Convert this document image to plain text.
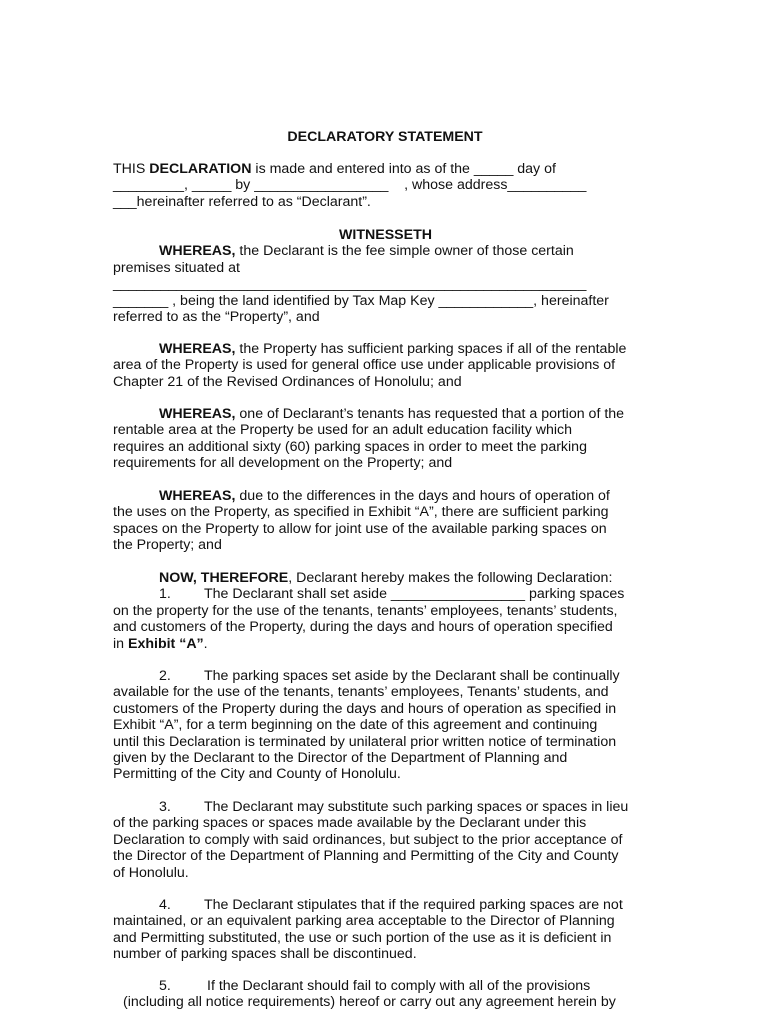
DECLARATORY STATEMENT
THIS DECLARATION is made and entered into as of the _____ day of
_________, _____ by _________________    , whose address__________
___hereinafter referred to as “Declarant”.
WITNESSETH
WHEREAS, the Declarant is the fee simple owner of those certain
premises situated at
____________________________________________________________
_______ , being the land identified by Tax Map Key ____________, hereinafter
referred to as the “Property”, and
WHEREAS, the Property has sufficient parking spaces if all of the rentable
area of the Property is used for general office use under applicable provisions of
Chapter 21 of the Revised Ordinances of Honolulu; and
WHEREAS, one of Declarant’s tenants has requested that a portion of the
rentable area at the Property be used for an adult education facility which
requires an additional sixty (60) parking spaces in order to meet the parking
requirements for all development on the Property; and
WHEREAS, due to the differences in the days and hours of operation of
the uses on the Property, as specified in Exhibit “A”, there are sufficient parking
spaces on the Property to allow for joint use of the available parking spaces on
the Property; and
NOW, THEREFORE, Declarant hereby makes the following Declaration:
1. The Declarant shall set aside _________________ parking spaces
on the property for the use of the tenants, tenants’ employees, tenants’ students,
and customers of the Property, during the days and hours of operation specified
in Exhibit “A”.
2. The parking spaces set aside by the Declarant shall be continually
available for the use of the tenants, tenants’ employees, Tenants’ students, and
customers of the Property during the days and hours of operation as specified in
Exhibit “A”, for a term beginning on the date of this agreement and continuing
until this Declaration is terminated by unilateral prior written notice of termination
given by the Declarant to the Director of the Department of Planning and
Permitting of the City and County of Honolulu.
3. The Declarant may substitute such parking spaces or spaces in lieu
of the parking spaces or spaces made available by the Declarant under this
Declaration to comply with said ordinances, but subject to the prior acceptance of
the Director of the Department of Planning and Permitting of the City and County
of Honolulu.
4. The Declarant stipulates that if the required parking spaces are not
maintained, or an equivalent parking area acceptable to the Director of Planning
and Permitting substituted, the use or such portion of the use as it is deficient in
number of parking spaces shall be discontinued.
5.	If the Declarant should fail to comply with all of the provisions
(including all notice requirements) hereof or carry out any agreement herein by
